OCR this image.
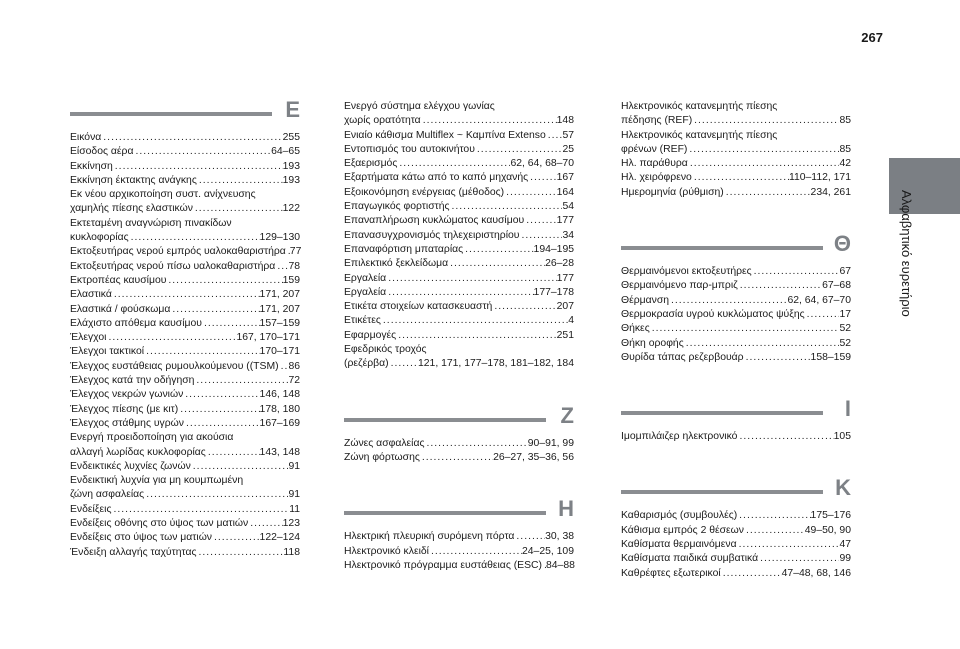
267
Αλφαβητικό ευρετήριο
Ε
Εικόνα .....	255
Είσοδος αέρα .....	64–65
Εκκίνηση .....	193
Εκκίνηση έκτακτης ανάγκης .....	193
Εκ νέου αρχικοποίηση συστ. ανίχνευσης
χαμηλής πίεσης ελαστικών .....	122
Εκτεταμένη αναγνώριση πινακίδων
κυκλοφορίας .....	129–130
Εκτοξευτήρας νερού εμπρός υαλοκαθαριστήρα ..... 77
Εκτοξευτήρας νερού πίσω υαλοκαθαριστήρα ..... 78
Εκτροπέας καυσίμου .....	159
Ελαστικά .....	171, 207
Ελαστικά / φούσκωμα .....	171, 207
Ελάχιστο απόθεμα καυσίμου .....	157–159
Έλεγχοι .....	167, 170–171
Έλεγχοι τακτικοί .....	170–171
Έλεγχος ευστάθειας ρυμουλκούμενου ((TSM) ..... 86
Έλεγχος κατά την οδήγηση .....	72
Έλεγχος νεκρών γωνιών .....	146, 148
Έλεγχος πίεσης (με κιτ) .....	178, 180
Έλεγχος στάθμης υγρών .....	167–169
Ενεργή προειδοποίηση για ακούσια
αλλαγή λωρίδας κυκλοφορίας .....	143, 148
Ενδεικτικές λυχνίες ζωνών .....	91
Ενδεικτική λυχνία για μη κουμπωμένη
ζώνη ασφαλείας .....	91
Ενδείξεις .....	11
Ενδείξεις οθόνης στο ύψος των ματιών .....	123
Ενδείξεις στο ύψος των ματιών .....	122–124
Ένδειξη αλλαγής ταχύτητας .....	118
Ενεργό σύστημα ελέγχου γωνίας
χωρίς ορατότητα .....	148
Ενιαίο κάθισμα Multiflex ~ Καμπίνα Extenso ..... 57
Εντοπισμός του αυτοκινήτου .....	25
Εξαερισμός .....	62, 64, 68–70
Εξαρτήματα κάτω από το καπό μηχανής .....	167
Εξοικονόμηση ενέργειας (μέθοδος) .....	164
Επαγωγικός φορτιστής .....	54
Επαναπλήρωση κυκλώματος καυσίμου .....	177
Επανασυγχρονισμός τηλεχειριστηρίου .....	34
Επαναφόρτιση μπαταρίας .....	194–195
Επιλεκτικό ξεκλείδωμα .....	26–28
Εργαλεία .....	177
Εργαλεία .....	177–178
Ετικέτα στοιχείων κατασκευαστή .....	207
Ετικέτες .....	4
Εφαρμογές .....	251
Εφεδρικός τροχός
(ρεζέρβα) .....	121, 171, 177–178, 181–182, 184
Ζ
Ζώνες ασφαλείας .....	90–91, 99
Ζώνη φόρτωσης .....	26–27, 35–36, 56
Η
Ηλεκτρική πλευρική συρόμενη πόρτα .....	30, 38
Ηλεκτρονικό κλειδί .....	24–25, 109
Ηλεκτρονικό πρόγραμμα ευστάθειας (ESC) ..... 84–88
Ηλεκτρονικός κατανεμητής πίεσης
πέδησης (REF) .....	85
Ηλεκτρονικός κατανεμητής πίεσης
φρένων (REF) .....	85
Ηλ. παράθυρα .....	42
Ηλ. χειρόφρενο .....	110–112, 171
Ημερομηνία (ρύθμιση) .....	234, 261
Θ
Θερμαινόμενοι εκτοξευτήρες .....	67
Θερμαινόμενο παρ-μπριζ .....	67–68
Θέρμανση .....	62, 64, 67–70
Θερμοκρασία υγρού κυκλώματος ψύξης .....	17
Θήκες .....	52
Θήκη οροφής .....	52
Θυρίδα τάπας ρεζερβουάρ .....	158–159
Ι
Ιμομπιλάιζερ ηλεκτρονικό .....	105
Κ
Καθαρισμός (συμβουλές) .....	175–176
Κάθισμα εμπρός 2 θέσεων .....	49–50, 90
Καθίσματα θερμαινόμενα .....	47
Καθίσματα παιδικά συμβατικά .....	99
Καθρέφτες εξωτερικοί .....	47–48, 68, 146
